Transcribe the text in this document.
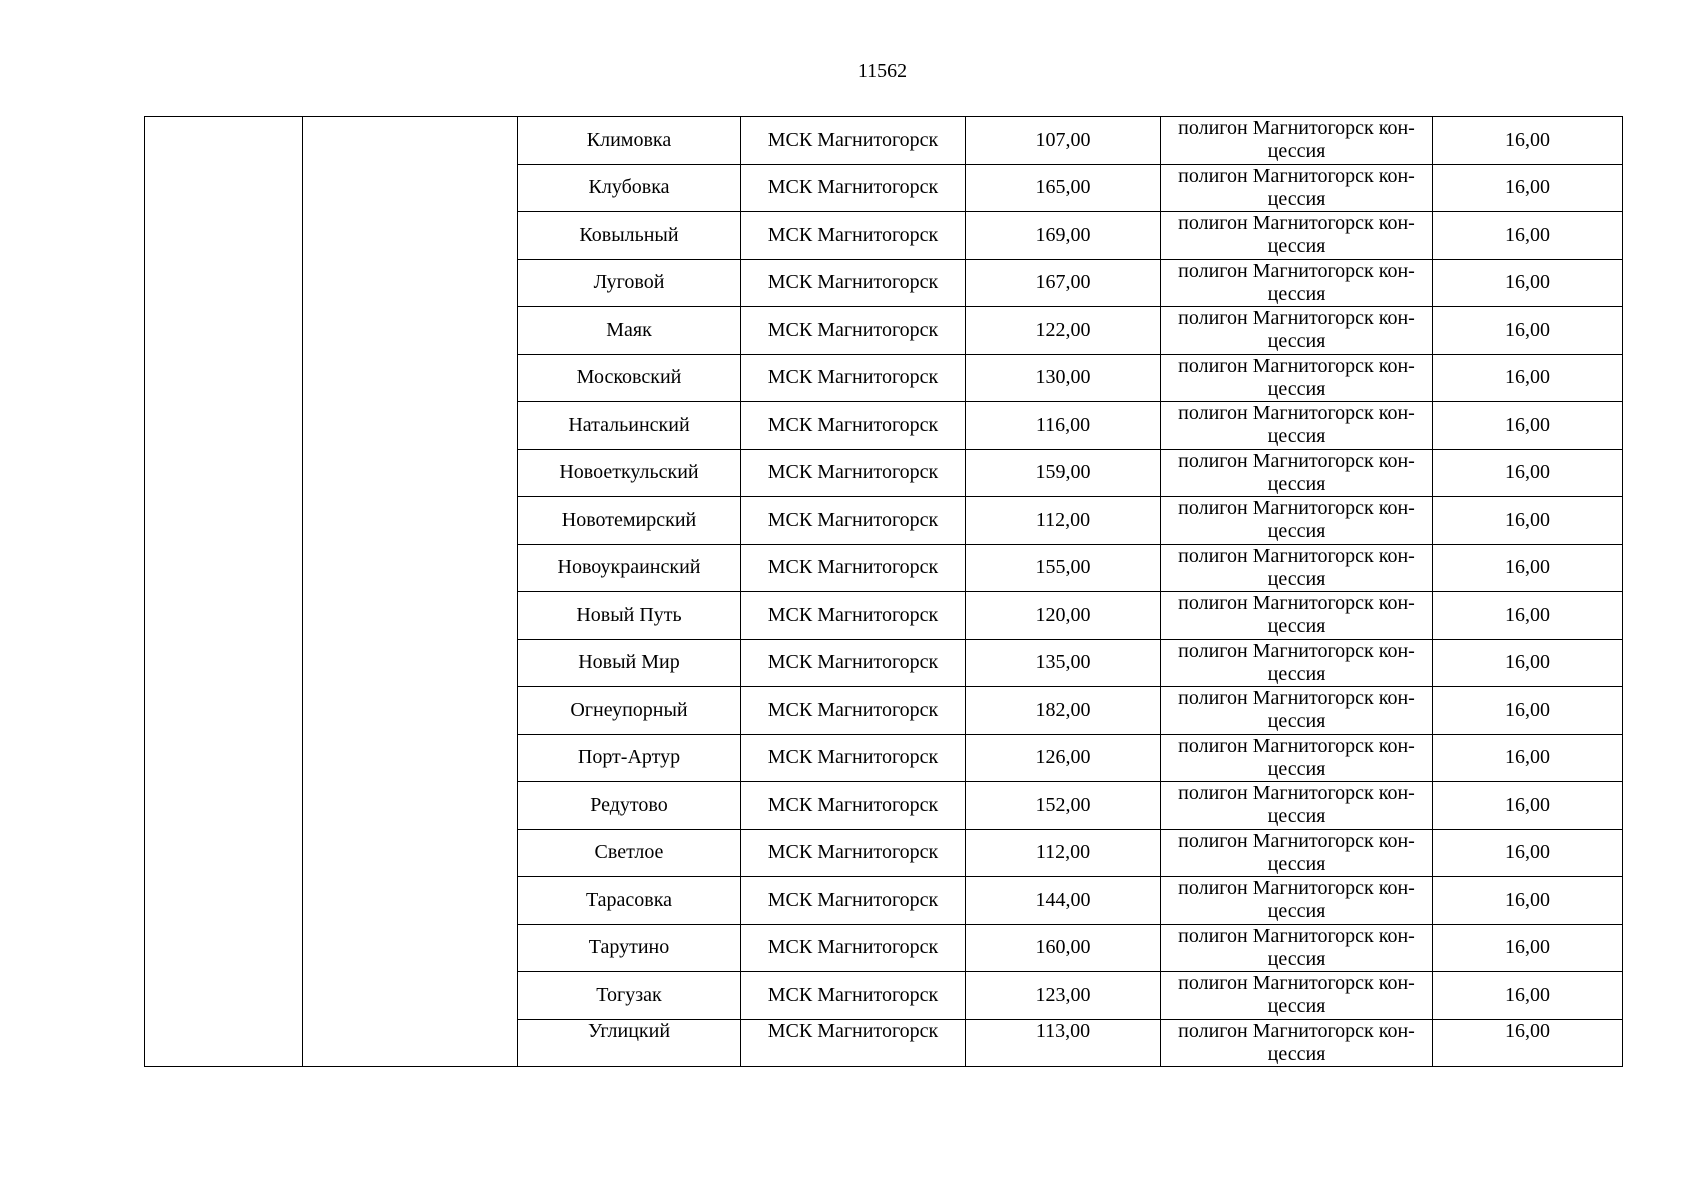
11562
		Климовка	МСК Магнитогорск	107,00	полигон Магнитогорск кон-
цессия	16,00
		Клубовка	МСК Магнитогорск	165,00	полигон Магнитогорск кон-
цессия	16,00
		Ковыльный	МСК Магнитогорск	169,00	полигон Магнитогорск кон-
цессия	16,00
		Луговой	МСК Магнитогорск	167,00	полигон Магнитогорск кон-
цессия	16,00
		Маяк	МСК Магнитогорск	122,00	полигон Магнитогорск кон-
цессия	16,00
		Московский	МСК Магнитогорск	130,00	полигон Магнитогорск кон-
цессия	16,00
		Натальинский	МСК Магнитогорск	116,00	полигон Магнитогорск кон-
цессия	16,00
		Новоеткульский	МСК Магнитогорск	159,00	полигон Магнитогорск кон-
цессия	16,00
		Новотемирский	МСК Магнитогорск	112,00	полигон Магнитогорск кон-
цессия	16,00
		Новоукраинский	МСК Магнитогорск	155,00	полигон Магнитогорск кон-
цессия	16,00
		Новый Путь	МСК Магнитогорск	120,00	полигон Магнитогорск кон-
цессия	16,00
		Новый Мир	МСК Магнитогорск	135,00	полигон Магнитогорск кон-
цессия	16,00
		Огнеупорный	МСК Магнитогорск	182,00	полигон Магнитогорск кон-
цессия	16,00
		Порт-Артур	МСК Магнитогорск	126,00	полигон Магнитогорск кон-
цессия	16,00
		Редутово	МСК Магнитогорск	152,00	полигон Магнитогорск кон-
цессия	16,00
		Светлое	МСК Магнитогорск	112,00	полигон Магнитогорск кон-
цессия	16,00
		Тарасовка	МСК Магнитогорск	144,00	полигон Магнитогорск кон-
цессия	16,00
		Тарутино	МСК Магнитогорск	160,00	полигон Магнитогорск кон-
цессия	16,00
		Тогузак	МСК Магнитогорск	123,00	полигон Магнитогорск кон-
цессия	16,00
		Углицкий	МСК Магнитогорск	113,00	полигон Магнитогорск кон-
цессия	16,00
